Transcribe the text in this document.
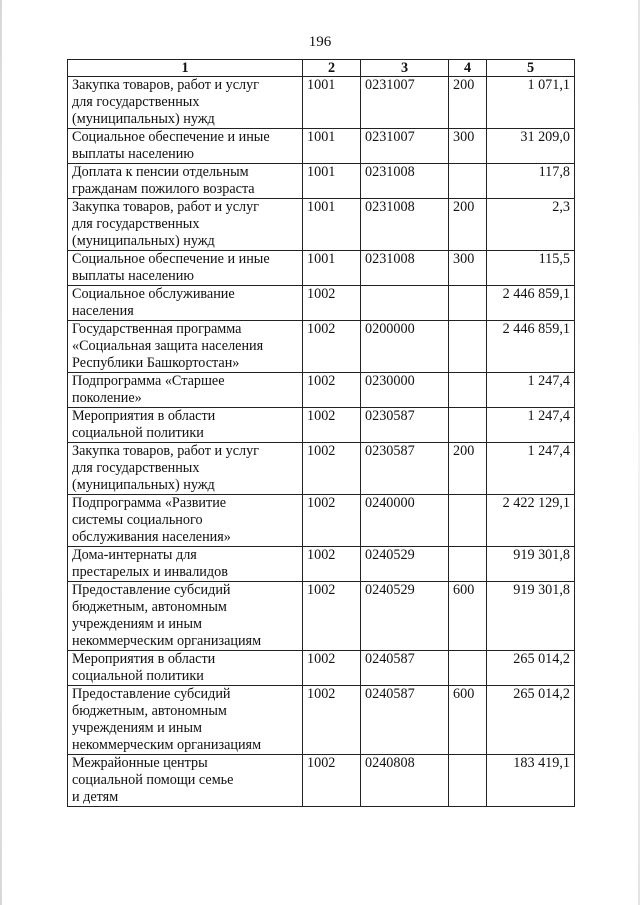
196
1	2	3	4	5

Закупка товаров, работ и услуг
для государственных
(муниципальных) нужд	1001	0231007	200	1 071,1

Социальное обеспечение и иные
выплаты населению	1001	0231007	300	31 209,0

Доплата к пенсии отдельным
гражданам пожилого возраста	1001	0231008		117,8

Закупка товаров, работ и услуг
для государственных
(муниципальных) нужд	1001	0231008	200	2,3

Социальное обеспечение и иные
выплаты населению	1001	0231008	300	115,5

Социальное обслуживание
населения	1002			2 446 859,1

Государственная программа
«Социальная защита населения
Республики Башкортостан»	1002	0200000		2 446 859,1

Подпрограмма «Старшее
поколение»	1002	0230000		1 247,4

Мероприятия в области
социальной политики	1002	0230587		1 247,4

Закупка товаров, работ и услуг
для государственных
(муниципальных) нужд	1002	0230587	200	1 247,4

Подпрограмма «Развитие
системы социального
обслуживания населения»	1002	0240000		2 422 129,1

Дома-интернаты для
престарелых и инвалидов	1002	0240529		919 301,8

Предоставление субсидий
бюджетным, автономным
учреждениям и иным
некоммерческим организациям	1002	0240529	600	919 301,8

Мероприятия в области
социальной политики	1002	0240587		265 014,2

Предоставление субсидий
бюджетным, автономным
учреждениям и иным
некоммерческим организациям	1002	0240587	600	265 014,2

Межрайонные центры
социальной помощи семье
и детям	1002	0240808		183 419,1
